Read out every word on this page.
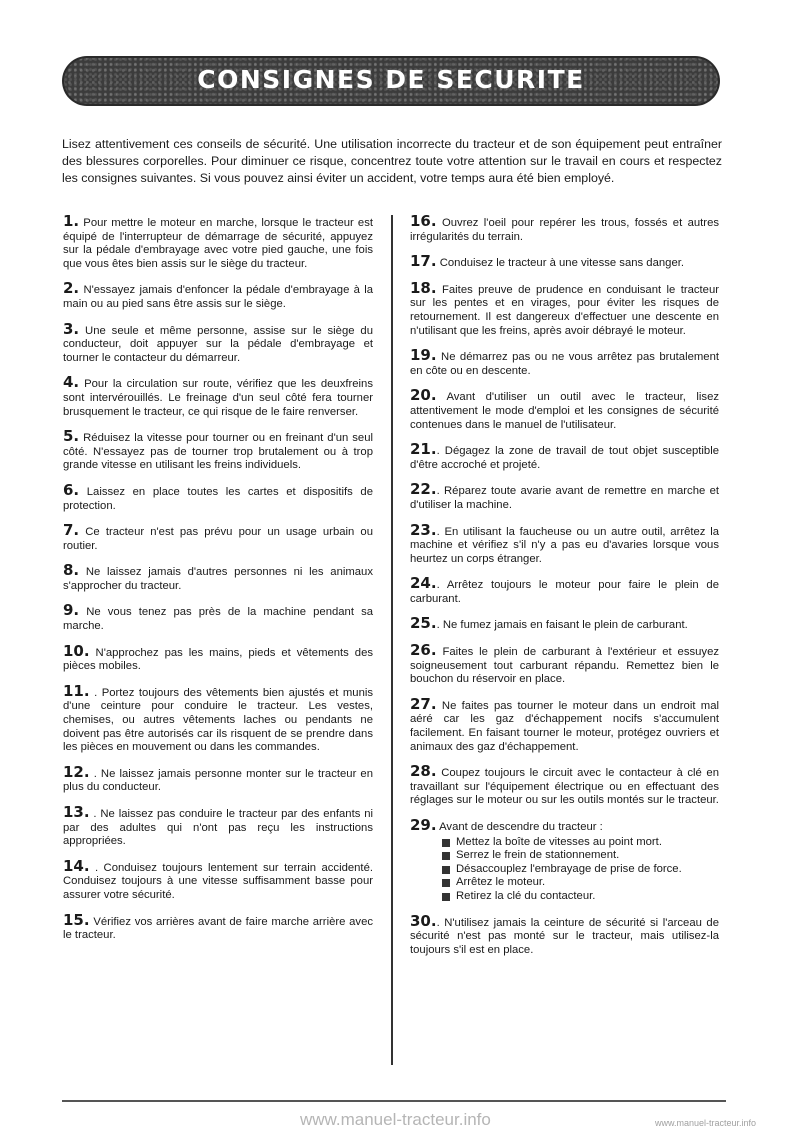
CONSIGNES DE SECURITE

Lisez attentivement ces conseils de sécurité. Une utilisation incorrecte du tracteur et de son équipement peut entraîner des blessures corporelles. Pour diminuer ce risque, concentrez toute votre attention sur le travail en cours et respectez les consignes suivantes. Si vous pouvez ainsi éviter un accident, votre temps aura été bien employé.

1. Pour mettre le moteur en marche, lorsque le tracteur est équipé de l'interrupteur de démarrage de sécurité, appuyez sur la pédale d'embrayage avec votre pied gauche, une fois que vous êtes bien assis sur le siège du tracteur.
2. N'essayez jamais d'enfoncer la pédale d'embrayage à la main ou au pied sans être assis sur le siège.
3. Une seule et même personne, assise sur le siège du conducteur, doit appuyer sur la pédale d'embrayage et tourner le contacteur du démarreur.
4. Pour la circulation sur route, vérifiez que les deuxfreins sont intervérouillés. Le freinage d'un seul côté fera tourner brusquement le tracteur, ce qui risque de le faire renverser.
5. Réduisez la vitesse pour tourner ou en freinant d'un seul côté. N'essayez pas de tourner trop brutalement ou à trop grande vitesse en utilisant les freins individuels.
6. Laissez en place toutes les cartes et dispositifs de protection.
7. Ce tracteur n'est pas prévu pour un usage urbain ou routier.
8. Ne laissez jamais d'autres personnes ni les animaux s'approcher du tracteur.
9. Ne vous tenez pas près de la machine pendant sa marche.
10. N'approchez pas les mains, pieds et vêtements des pièces mobiles.
11. . Portez toujours des vêtements bien ajustés et munis d'une ceinture pour conduire le tracteur. Les vestes, chemises, ou autres vêtements laches ou pendants ne doivent pas être autorisés car ils risquent de se prendre dans les pièces en mouvement ou dans les commandes.
12. . Ne laissez jamais personne monter sur le tracteur en plus du conducteur.
13. . Ne laissez pas conduire le tracteur par des enfants ni par des adultes qui n'ont pas reçu les instructions appropriées.
14. . Conduisez toujours lentement sur terrain accidenté. Conduisez toujours à une vitesse suffisamment basse pour assurer votre sécurité.
15. Vérifiez vos arrières avant de faire marche arrière avec le tracteur.
16. Ouvrez l'oeil pour repérer les trous, fossés et autres irrégularités du terrain.
17. Conduisez le tracteur à une vitesse sans danger.
18. Faites preuve de prudence en conduisant le tracteur sur les pentes et en virages, pour éviter les risques de retournement. Il est dangereux d'effectuer une descente en n'utilisant que les freins, après avoir débrayé le moteur.
19. Ne démarrez pas ou ne vous arrêtez pas brutalement en côte ou en descente.
20. Avant d'utiliser un outil avec le tracteur, lisez attentivement le mode d'emploi et les consignes de sécurité contenues dans le manuel de l'utilisateur.
21.. Dégagez la zone de travail de tout objet susceptible d'être accroché et projeté.
22.. Réparez toute avarie avant de remettre en marche et d'utiliser la machine.
23.. En utilisant la faucheuse ou un autre outil, arrêtez la machine et vérifiez s'il n'y a pas eu d'avaries lorsque vous heurtez un corps étranger.
24.. Arrêtez toujours le moteur pour faire le plein de carburant.
25.. Ne fumez jamais en faisant le plein de carburant.
26. Faites le plein de carburant à l'extérieur et essuyez soigneusement tout carburant répandu. Remettez bien le bouchon du réservoir en place.
27. Ne faites pas tourner le moteur dans un endroit mal aéré car les gaz d'échappement nocifs s'accumulent facilement. En faisant tourner le moteur, protégez ouvriers et animaux des gaz d'échappement.
28. Coupez toujours le circuit avec le contacteur à clé en travaillant sur l'équipement électrique ou en effectuant des réglages sur le moteur ou sur les outils montés sur le tracteur.
29. Avant de descendre du tracteur :
Mettez la boîte de vitesses au point mort.
Serrez le frein de stationnement.
Désaccouplez l'embrayage de prise de force.
Arrêtez le moteur.
Retirez la clé du contacteur.
30.. N'utilisez jamais la ceinture de sécurité si l'arceau de sécurité n'est pas monté sur le tracteur, mais utilisez-la toujours s'il est en place.
www.manuel-tracteur.info	www.manuel-tracteur.info
